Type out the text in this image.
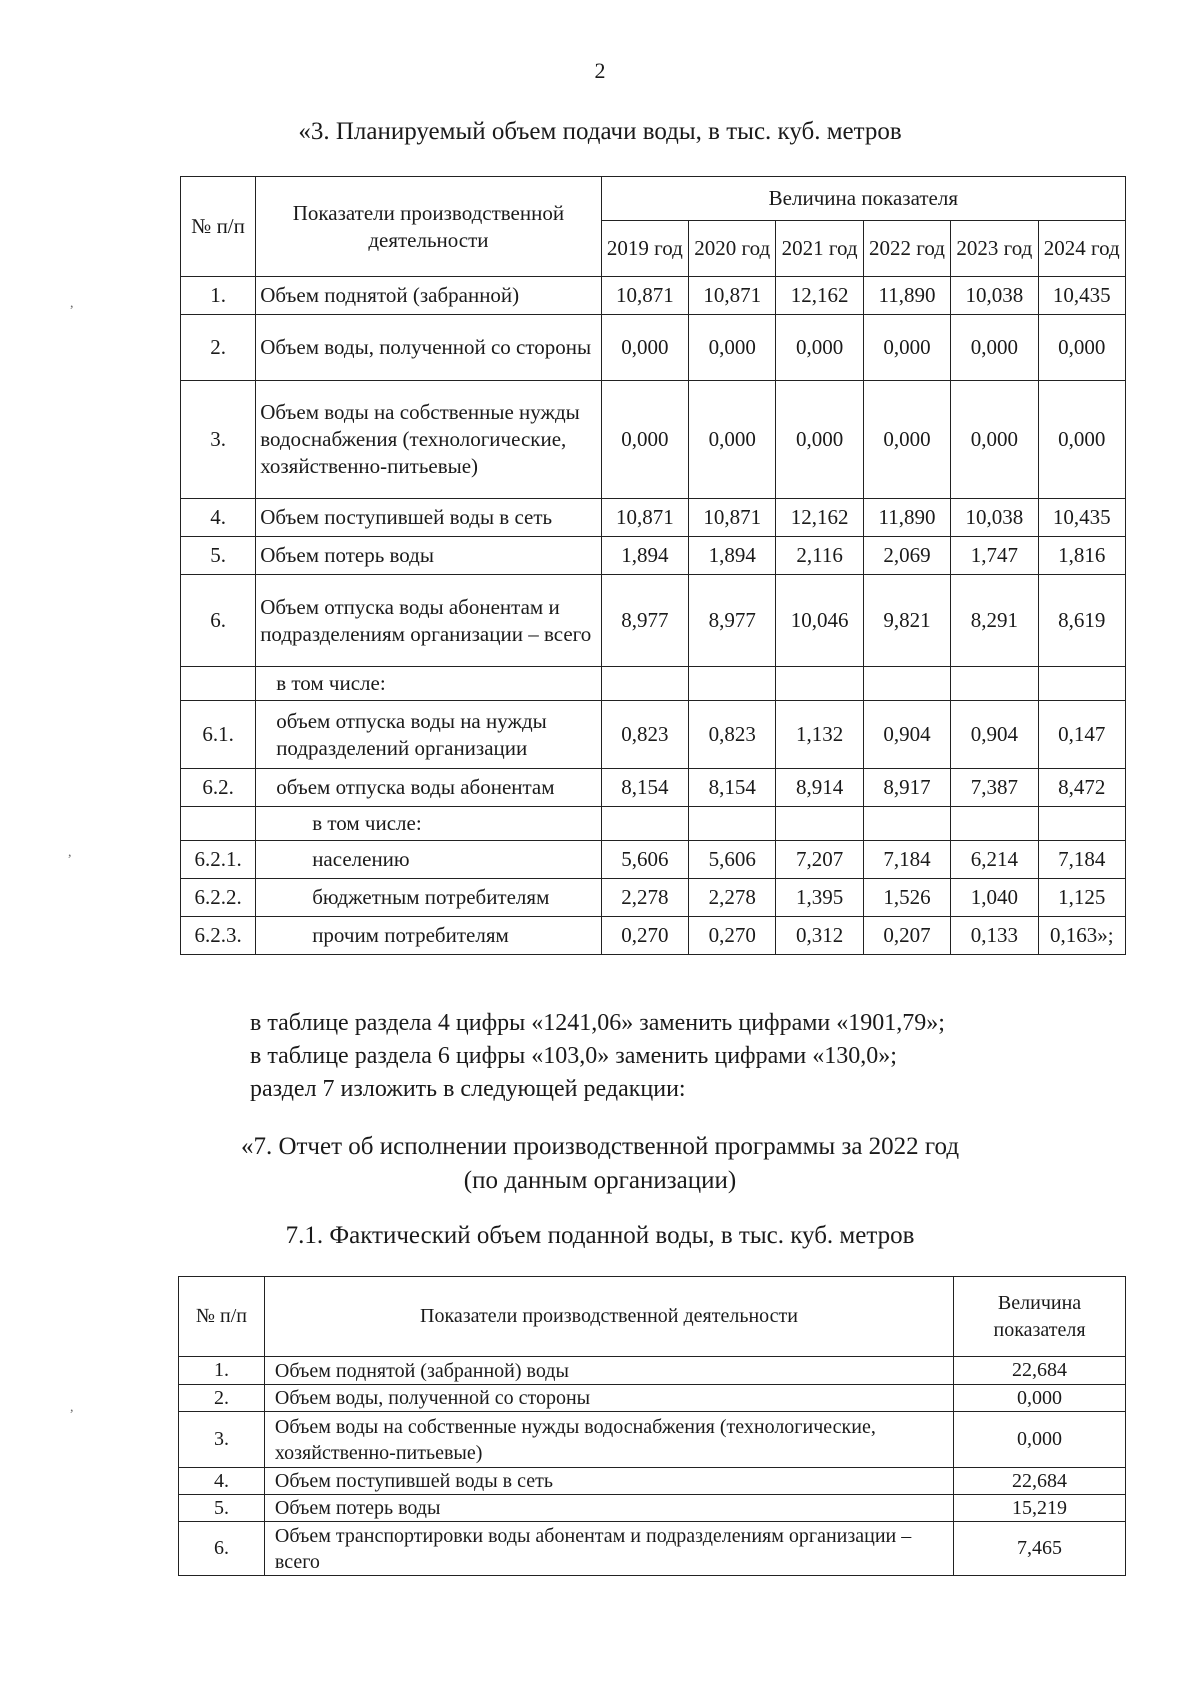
2
«3. Планируемый объем подачи воды, в тыс. куб. метров
№ п/п	Показатели производственной деятельности	Величина показателя					
		2019 год	2020 год	2021 год	2022 год	2023 год	2024 год
1.	Объем поднятой (забранной)	10,871	10,871	12,162	11,890	10,038	10,435
2.	Объем воды, полученной со стороны	0,000	0,000	0,000	0,000	0,000	0,000
3.	Объем воды на собственные нужды водоснабжения (технологические, хозяйственно-питьевые)	0,000	0,000	0,000	0,000	0,000	0,000
4.	Объем поступившей воды в сеть	10,871	10,871	12,162	11,890	10,038	10,435
5.	Объем потерь воды	1,894	1,894	2,116	2,069	1,747	1,816
6.	Объем отпуска воды абонентам и подразделениям организации – всего	8,977	8,977	10,046	9,821	8,291	8,619
	в том числе:						
6.1.	объем отпуска воды на нужды подразделений организации	0,823	0,823	1,132	0,904	0,904	0,147
6.2.	объем отпуска воды абонентам	8,154	8,154	8,914	8,917	7,387	8,472
	в том числе:						
6.2.1.	населению	5,606	5,606	7,207	7,184	6,214	7,184
6.2.2.	бюджетным потребителям	2,278	2,278	1,395	1,526	1,040	1,125
6.2.3.	прочим потребителям	0,270	0,270	0,312	0,207	0,133	0,163»;
в таблице раздела 4 цифры «1241,06» заменить цифрами «1901,79»;
в таблице раздела 6 цифры «103,0» заменить цифрами «130,0»;
раздел 7 изложить в следующей редакции:
«7. Отчет об исполнении производственной программы за 2022 год
(по данным организации)
7.1. Фактический объем поданной воды, в тыс. куб. метров
№ п/п	Показатели производственной деятельности	Величина показателя
1.	Объем поднятой (забранной) воды	22,684
2.	Объем воды, полученной со стороны	0,000
3.	Объем воды на собственные нужды водоснабжения (технологические, хозяйственно-питьевые)	0,000
4.	Объем поступившей воды в сеть	22,684
5.	Объем потерь воды	15,219
6.	Объем транспортировки воды абонентам и подразделениям организации – всего	7,465
,
,
,
